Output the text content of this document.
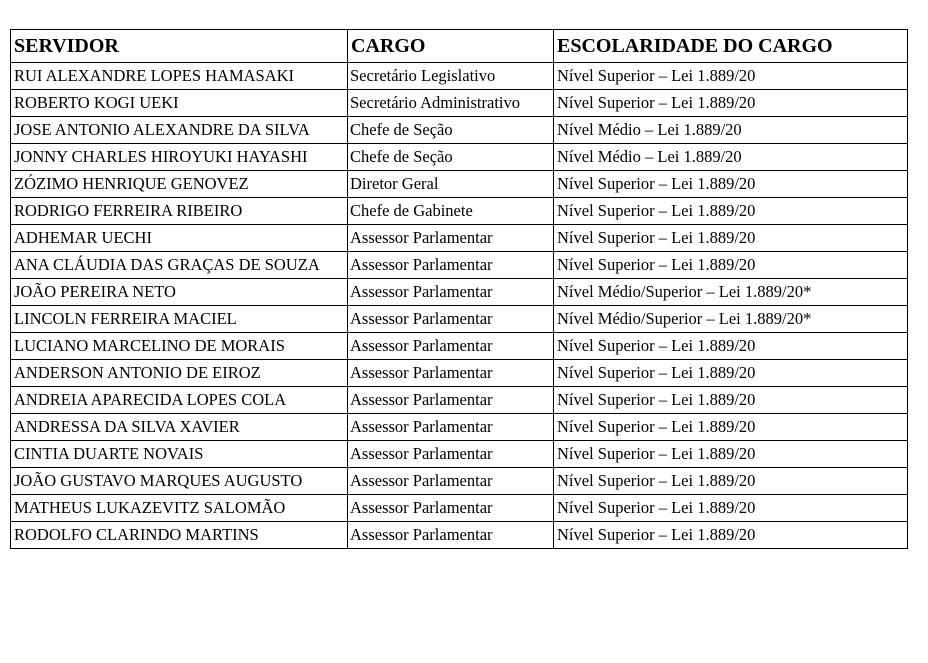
SERVIDOR	CARGO	ESCOLARIDADE DO CARGO
RUI ALEXANDRE LOPES HAMASAKI	Secretário Legislativo	Nível Superior – Lei 1.889/20
ROBERTO KOGI UEKI	Secretário Administrativo	Nível Superior – Lei 1.889/20
JOSE ANTONIO ALEXANDRE DA SILVA	Chefe de Seção	Nível Médio – Lei 1.889/20
JONNY CHARLES HIROYUKI HAYASHI	Chefe de Seção	Nível Médio – Lei 1.889/20
ZÓZIMO HENRIQUE GENOVEZ	Diretor Geral	Nível Superior – Lei 1.889/20
RODRIGO FERREIRA RIBEIRO	Chefe de Gabinete	Nível Superior – Lei 1.889/20
ADHEMAR UECHI	Assessor Parlamentar	Nível Superior – Lei 1.889/20
ANA CLÁUDIA DAS GRAÇAS DE SOUZA	Assessor Parlamentar	Nível Superior – Lei 1.889/20
JOÃO PEREIRA NETO	Assessor Parlamentar	Nível Médio/Superior – Lei 1.889/20*
LINCOLN FERREIRA MACIEL	Assessor Parlamentar	Nível Médio/Superior – Lei 1.889/20*
LUCIANO MARCELINO DE MORAIS	Assessor Parlamentar	Nível Superior – Lei 1.889/20
ANDERSON ANTONIO DE EIROZ	Assessor Parlamentar	Nível Superior – Lei 1.889/20
ANDREIA APARECIDA LOPES COLA	Assessor Parlamentar	Nível Superior – Lei 1.889/20
ANDRESSA DA SILVA XAVIER	Assessor Parlamentar	Nível Superior – Lei 1.889/20
CINTIA DUARTE NOVAIS	Assessor Parlamentar	Nível Superior – Lei 1.889/20
JOÃO GUSTAVO MARQUES AUGUSTO	Assessor Parlamentar	Nível Superior – Lei 1.889/20
MATHEUS LUKAZEVITZ SALOMÃO	Assessor Parlamentar	Nível Superior – Lei 1.889/20
RODOLFO CLARINDO MARTINS	Assessor Parlamentar	Nível Superior – Lei 1.889/20
